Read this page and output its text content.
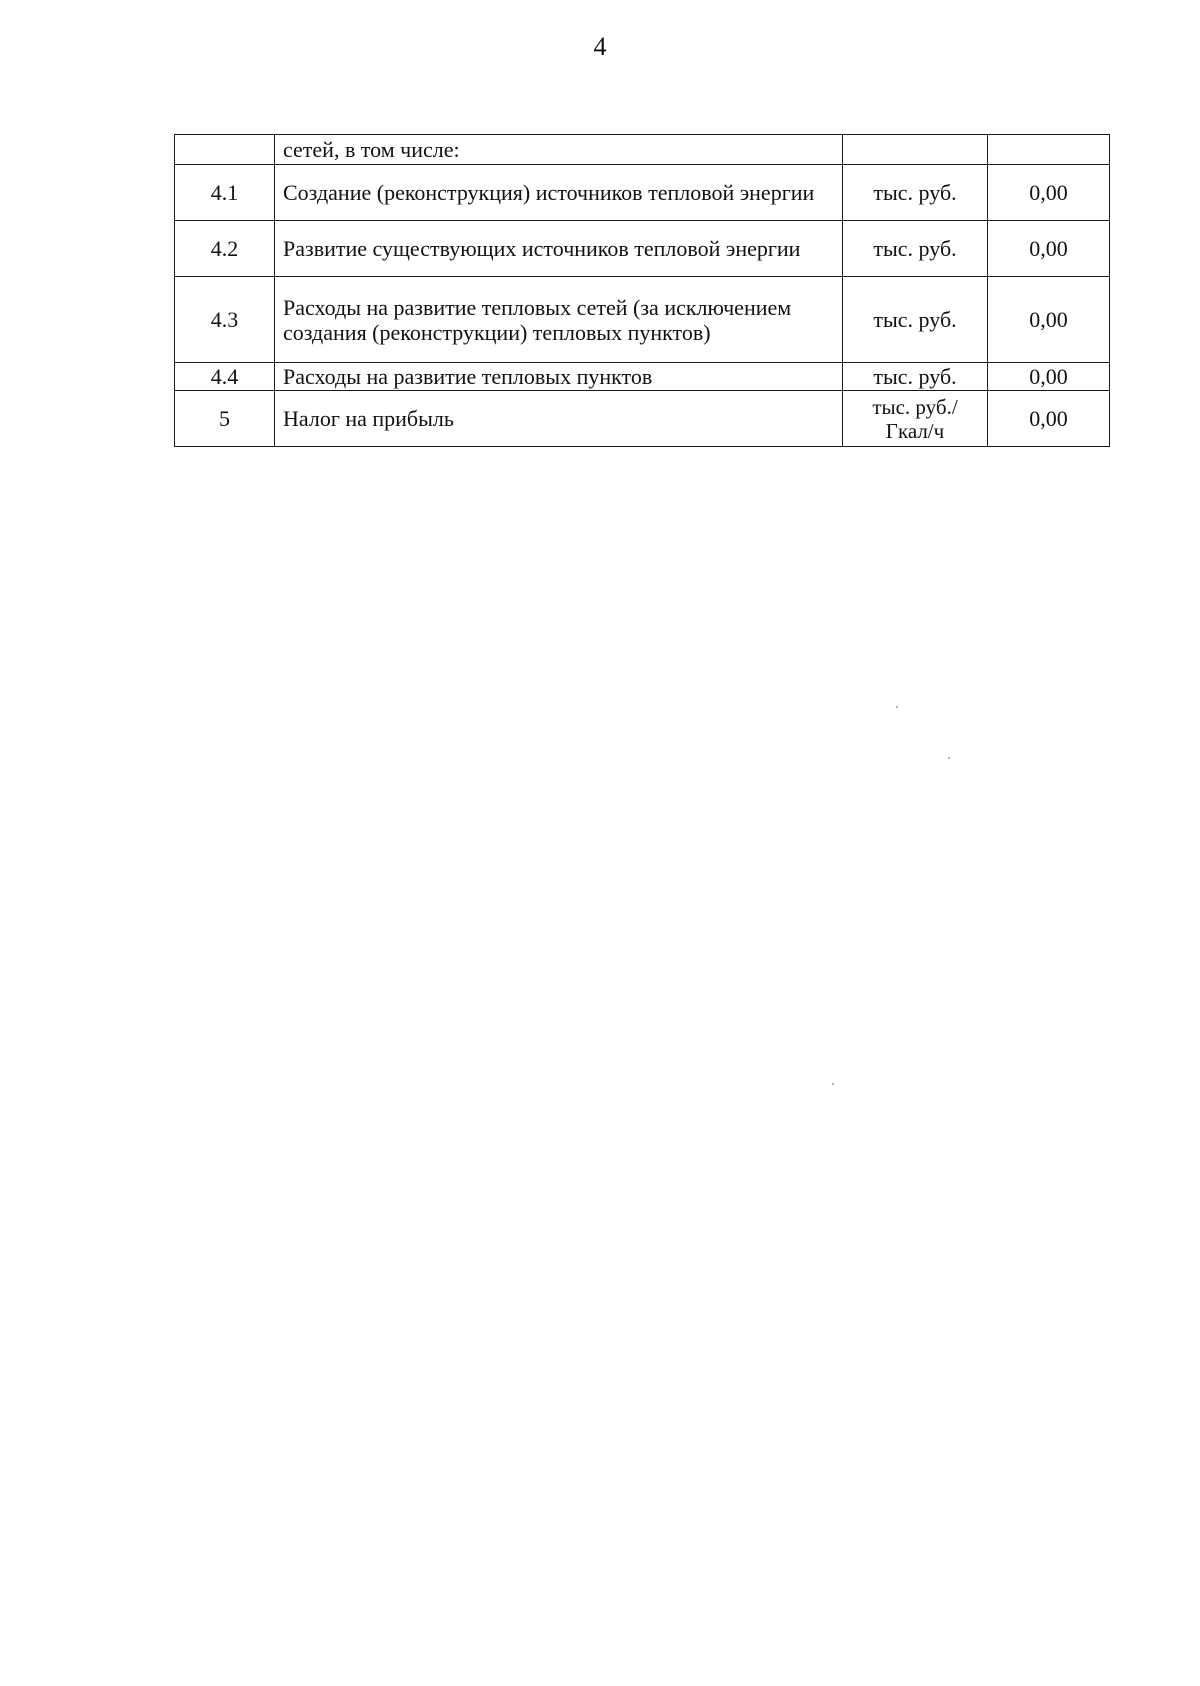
4
	сетей, в том числе:		
4.1	Создание (реконструкция) источников тепловой энергии	тыс. руб.	0,00
4.2	Развитие существующих источников тепловой энергии	тыс. руб.	0,00
4.3	Расходы на развитие тепловых сетей (за исключением создания (реконструкции) тепловых пунктов)	тыс. руб.	0,00
4.4	Расходы на развитие тепловых пунктов	тыс. руб.	0,00
5	Налог на прибыль	тыс. руб./Гкал/ч	0,00
